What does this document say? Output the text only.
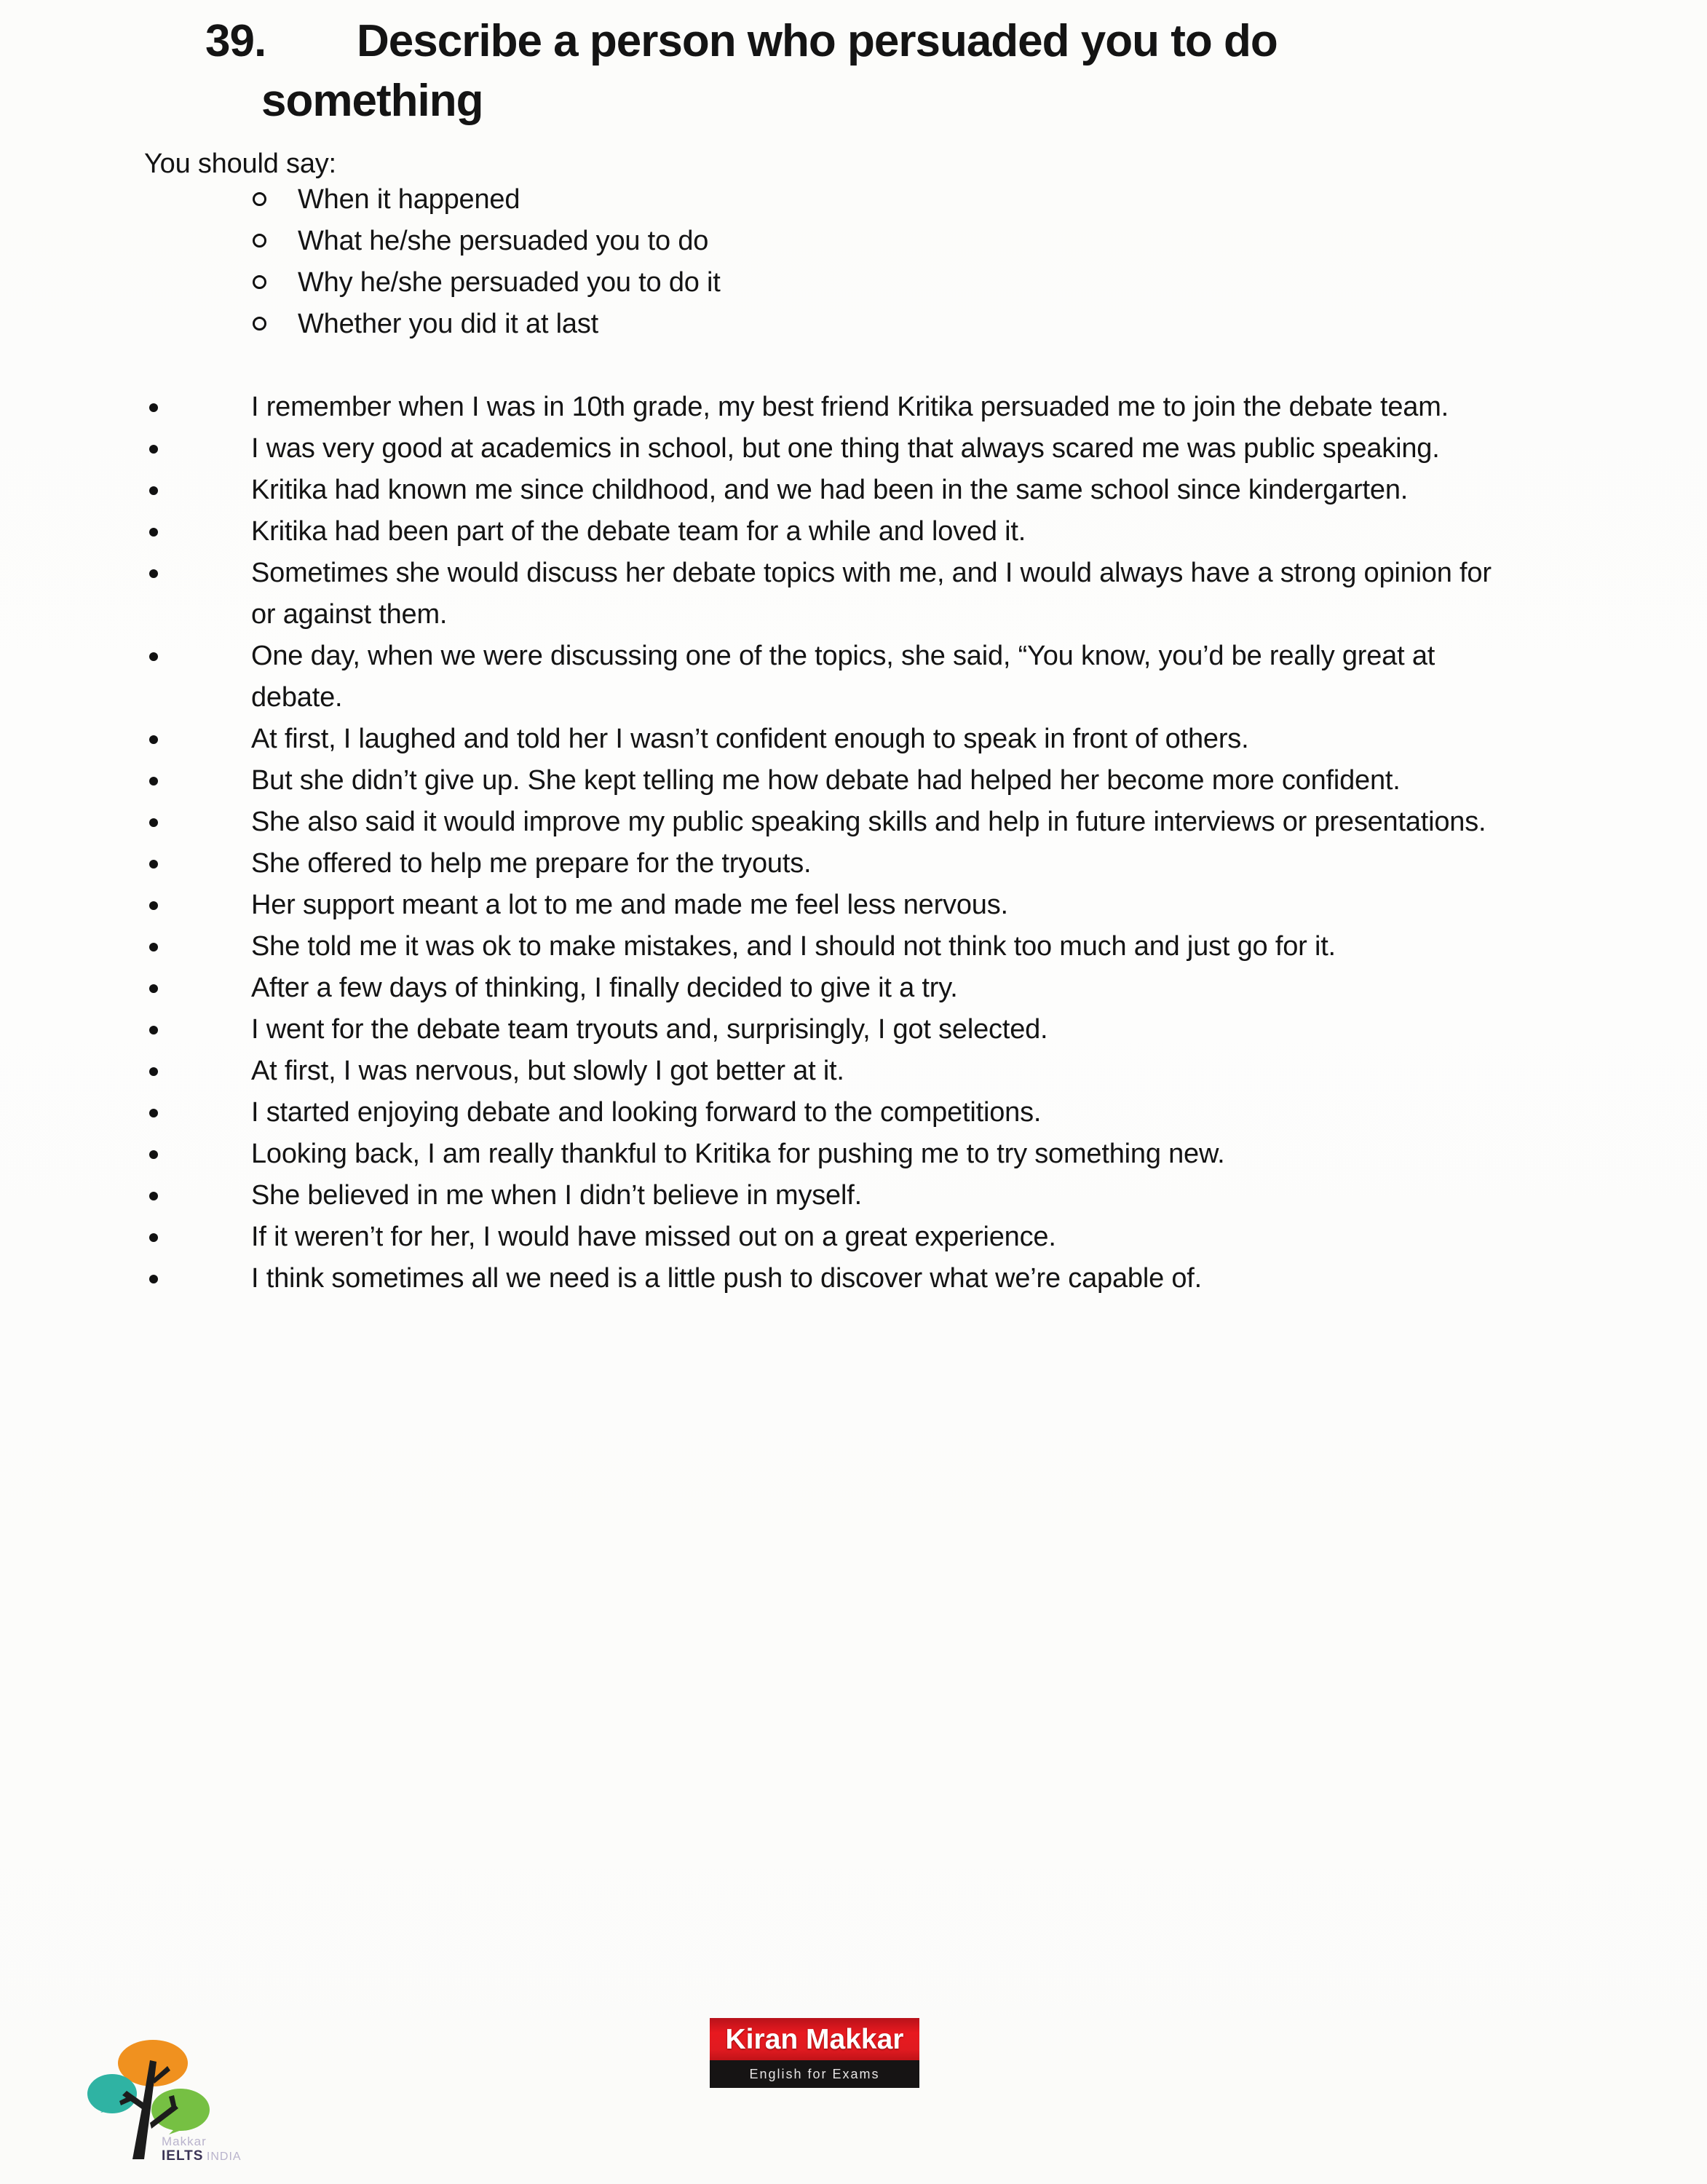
39. Describe a person who persuaded you to do
something
You should say:
When it happened
What he/she persuaded you to do
Why he/she persuaded you to do it
Whether you did it at last
I remember when I was in 10th grade, my best friend Kritika persuaded me to join the debate team.
I was very good at academics in school, but one thing that always scared me was public speaking.
Kritika had known me since childhood, and we had been in the same school since kindergarten.
Kritika had been part of the debate team for a while and loved it.
Sometimes she would discuss her debate topics with me, and I would always have a strong opinion for or against them.
One day, when we were discussing one of the topics, she said, “You know, you’d be really great at debate.
At first, I laughed and told her I wasn’t confident enough to speak in front of others.
But she didn’t give up. She kept telling me how debate had helped her become more confident.
She also said it would improve my public speaking skills and help in future interviews or presentations.
She offered to help me prepare for the tryouts.
Her support meant a lot to me and made me feel less nervous.
She told me it was ok to make mistakes, and I should not think too much and just go for it.
After a few days of thinking, I finally decided to give it a try.
I went for the debate team tryouts and, surprisingly, I got selected.
At first, I was nervous, but slowly I got better at it.
I started enjoying debate and looking forward to the competitions.
Looking back, I am really thankful to Kritika for pushing me to try something new.
She believed in me when I didn’t believe in myself.
If it weren’t for her, I would have missed out on a great experience.
I think sometimes all we need is a little push to discover what we’re capable of.
Makkar
IELTS INDIA
Kiran Makkar
English for Exams
